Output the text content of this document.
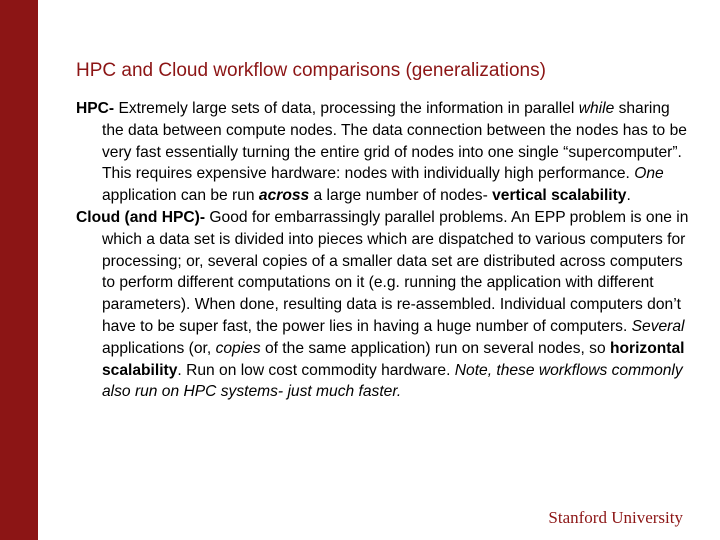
HPC and Cloud workflow comparisons (generalizations)

HPC- Extremely large sets of data, processing the information in parallel while sharing the data between compute nodes. The data connection between the nodes has to be very fast essentially turning the entire grid of nodes into one single “supercomputer”. This requires expensive hardware: nodes with individually high performance. One application can be run across a large number of nodes- vertical scalability.

Cloud (and HPC)- Good for embarrassingly parallel problems. An EPP problem is one in which a data set is divided into pieces which are dispatched to various computers for processing; or, several copies of a smaller data set are distributed across computers to perform different computations on it (e.g. running the application with different parameters). When done, resulting data is re-assembled. Individual computers don’t have to be super fast, the power lies in having a huge number of computers. Several applications (or, copies of the same application) run on several nodes, so horizontal scalability. Run on low cost commodity hardware. Note, these workflows commonly also run on HPC systems- just much faster.

Stanford University
